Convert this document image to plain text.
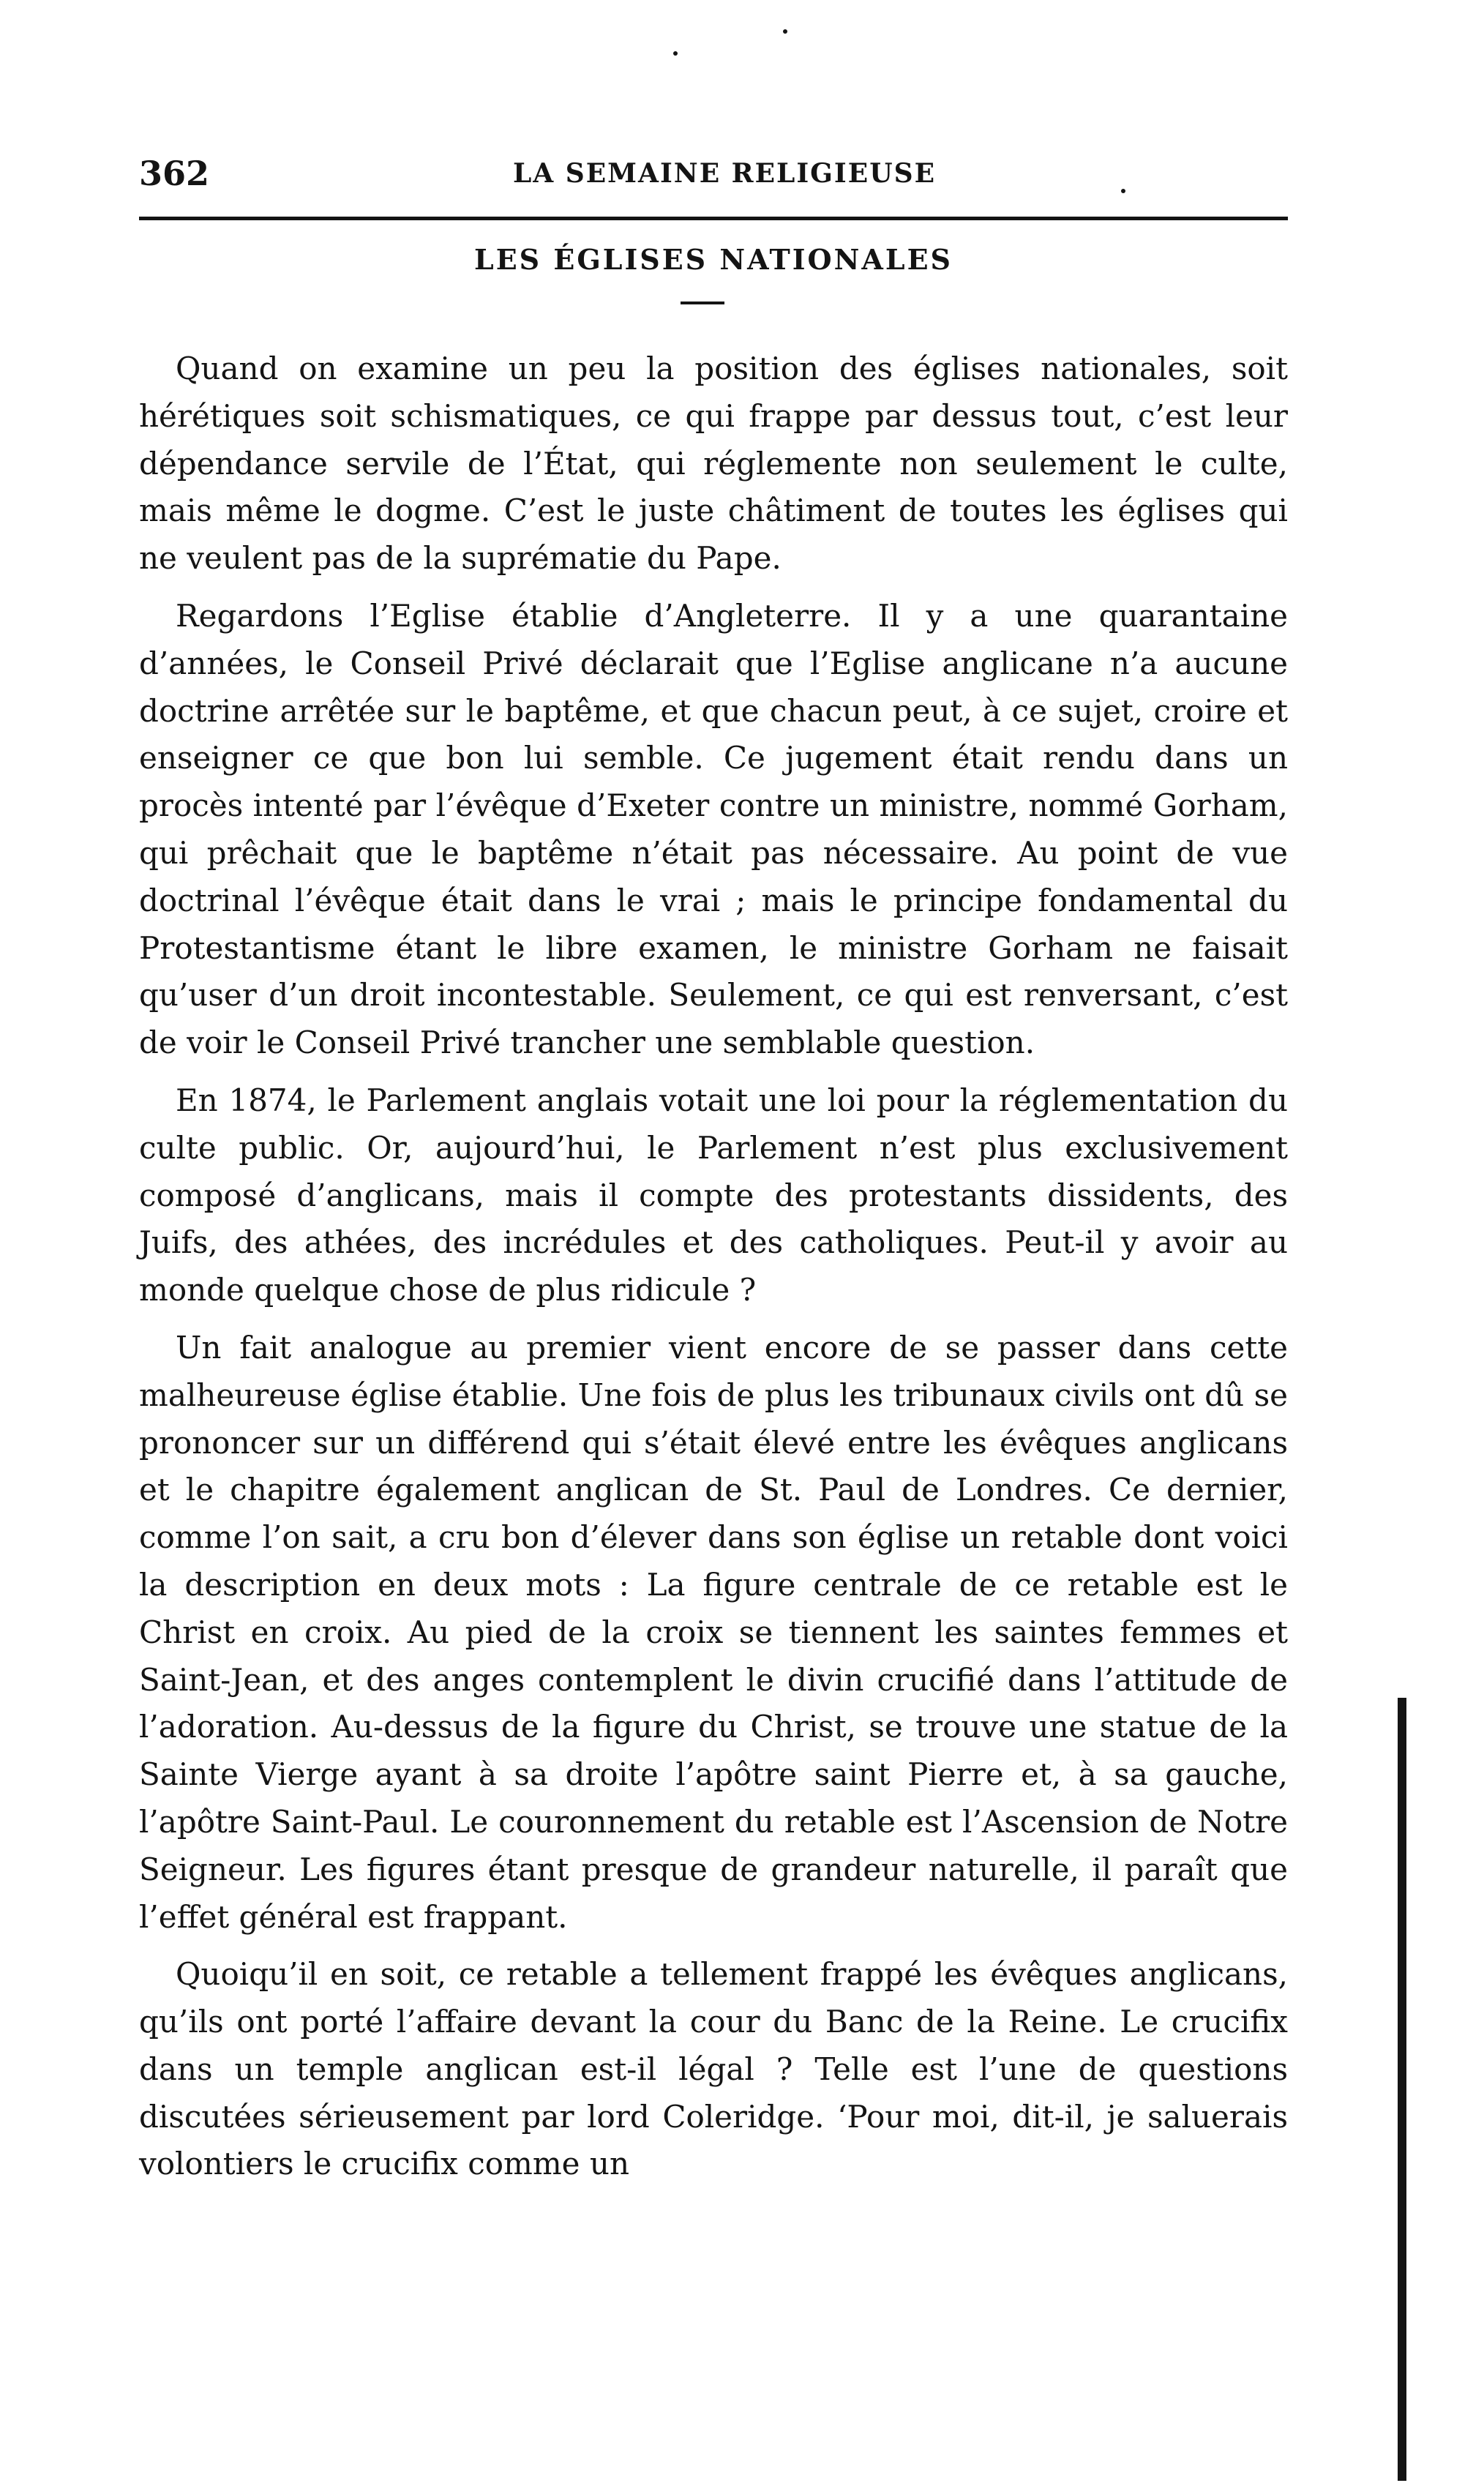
362	LA SEMAINE RELIGIEUSE
LES ÉGLISES NATIONALES

Quand on examine un peu la position des églises nationales, soit hérétiques soit schismatiques, ce qui frappe par dessus tout, c’est leur dépendance servile de l’État, qui réglemente non seulement le culte, mais même le dogme. C’est le juste châtiment de toutes les églises qui ne veulent pas de la suprématie du Pape.

Regardons l’Eglise établie d’Angleterre. Il y a une quarantaine d’années, le Conseil Privé déclarait que l’Eglise anglicane n’a aucune doctrine arrêtée sur le baptême, et que chacun peut, à ce sujet, croire et enseigner ce que bon lui semble. Ce jugement était rendu dans un procès intenté par l’évêque d’Exeter contre un ministre, nommé Gorham, qui prêchait que le baptême n’était pas nécessaire. Au point de vue doctrinal l’évêque était dans le vrai ; mais le principe fondamental du Protestantisme étant le libre examen, le ministre Gorham ne faisait qu’user d’un droit incontestable. Seulement, ce qui est renversant, c’est de voir le Conseil Privé trancher une semblable question.

En 1874, le Parlement anglais votait une loi pour la réglementation du culte public. Or, aujourd’hui, le Parlement n’est plus exclusivement composé d’anglicans, mais il compte des protestants dissidents, des Juifs, des athées, des incrédules et des catholiques. Peut-il y avoir au monde quelque chose de plus ridicule ?

Un fait analogue au premier vient encore de se passer dans cette malheureuse église établie. Une fois de plus les tribunaux civils ont dû se prononcer sur un différend qui s’était élevé entre les évêques anglicans et le chapitre également anglican de St. Paul de Londres. Ce dernier, comme l’on sait, a cru bon d’élever dans son église un retable dont voici la description en deux mots : La figure centrale de ce retable est le Christ en croix. Au pied de la croix se tiennent les saintes femmes et Saint-Jean, et des anges contemplent le divin crucifié dans l’attitude de l’adoration. Au-dessus de la figure du Christ, se trouve une statue de la Sainte Vierge ayant à sa droite l’apôtre saint Pierre et, à sa gauche, l’apôtre Saint-Paul. Le couronnement du retable est l’Ascension de Notre Seigneur. Les figures étant presque de grandeur naturelle, il paraît que l’effet général est frappant.

Quoiqu’il en soit, ce retable a tellement frappé les évêques anglicans, qu’ils ont porté l’affaire devant la cour du Banc de la Reine. Le crucifix dans un temple anglican est-il légal ? Telle est l’une de questions discutées sérieusement par lord Coleridge. ‘Pour moi, dit-il, je saluerais volontiers le crucifix comme un
